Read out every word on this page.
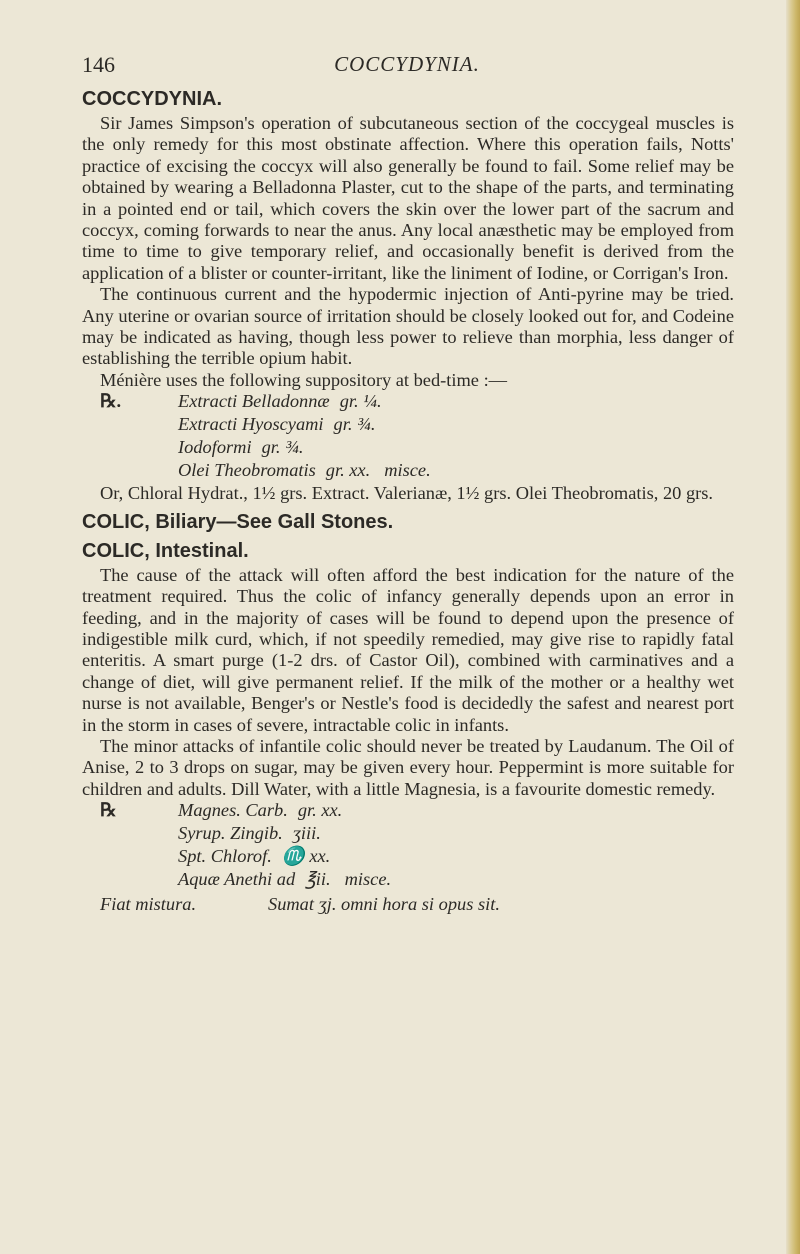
146	COCCYDYNIA.
COCCYDYNIA.

Sir James Simpson's operation of subcutaneous section of the coccygeal muscles is the only remedy for this most obstinate affection. Where this operation fails, Notts' practice of excising the coccyx will also generally be found to fail. Some relief may be obtained by wearing a Belladonna Plaster, cut to the shape of the parts, and terminating in a pointed end or tail, which covers the skin over the lower part of the sacrum and coccyx, coming forwards to near the anus. Any local anæsthetic may be employed from time to time to give temporary relief, and occasionally benefit is derived from the application of a blister or counter-irritant, like the liniment of Iodine, or Corrigan's Iron.

The continuous current and the hypodermic injection of Anti-pyrine may be tried. Any uterine or ovarian source of irritation should be closely looked out for, and Codeine may be indicated as having, though less power to relieve than morphia, less danger of establishing the terrible opium habit.

Ménière uses the following suppository at bed-time :—

℞.	Extracti Belladonnæ gr. ¼.
Extracti Hyoscyami gr. ¾.
Iodoformi gr. ¾.
Olei Theobromatis gr. xx. misce.

Or, Chloral Hydrat., 1½ grs. Extract. Valerianæ, 1½ grs. Olei Theobromatis, 20 grs.

COLIC, Biliary—See Gall Stones.
COLIC, Intestinal.

The cause of the attack will often afford the best indication for the nature of the treatment required. Thus the colic of infancy generally depends upon an error in feeding, and in the majority of cases will be found to depend upon the presence of indigestible milk curd, which, if not speedily remedied, may give rise to rapidly fatal enteritis. A smart purge (1-2 drs. of Castor Oil), combined with carminatives and a change of diet, will give permanent relief. If the milk of the mother or a healthy wet nurse is not available, Benger's or Nestle's food is decidedly the safest and nearest port in the storm in cases of severe, intractable colic in infants.

The minor attacks of infantile colic should never be treated by Laudanum. The Oil of Anise, 2 to 3 drops on sugar, may be given every hour. Peppermint is more suitable for children and adults. Dill Water, with a little Magnesia, is a favourite domestic remedy.

℞	Magnes. Carb. gr. xx.
Syrup. Zingib. ʒiii.
Spt. Chlorof. ♏ xx.
Aquæ Anethi ad ℥ii. misce.
Fiat mistura.	Sumat ʒj. omni hora si opus sit.
